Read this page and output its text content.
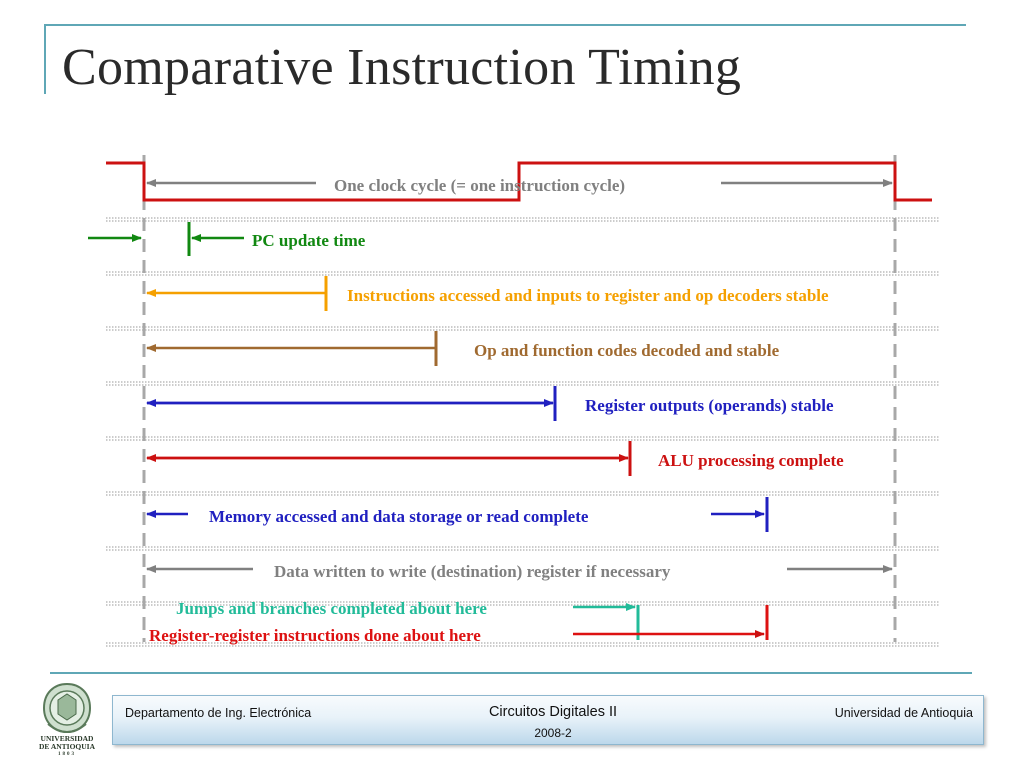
Comparative Instruction Timing
One clock cycle (= one instruction cycle)
PC update time
Instructions accessed and inputs to register and op decoders stable
Op and function codes decoded and stable
Register outputs (operands) stable
ALU processing complete
Memory accessed and data storage or read complete
Data written to write (destination) register if necessary
Jumps and branches completed about here
Register-register instructions done about here
UNIVERSIDAD
DE ANTIOQUIA
1803
Departamento de Ing. Electrónica	Circuitos Digitales II
2008-2
Universidad de Antioquia
